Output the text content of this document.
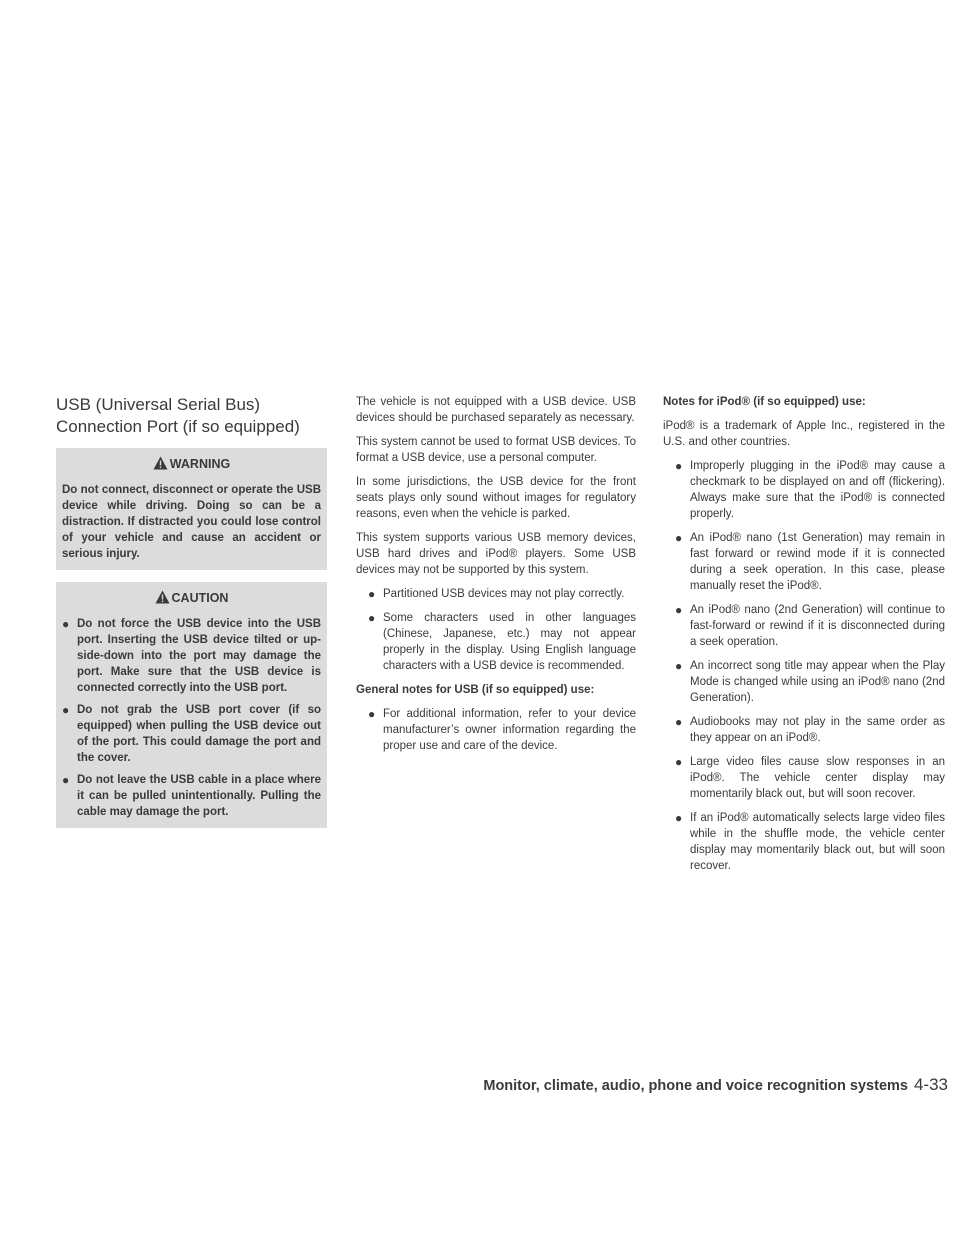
USB (Universal Serial Bus)
Connection Port (if so equipped)
WARNING

Do not connect, disconnect or operate the USB device while driving. Doing so can be a distraction. If distracted you could lose control of your vehicle and cause an accident or serious injury.

CAUTION
● Do not force the USB device into the USB port. Inserting the USB device tilted or up-side-down into the port may damage the port. Make sure that the USB device is connected correctly into the USB port.
● Do not grab the USB port cover (if so equipped) when pulling the USB device out of the port. This could damage the port and the cover.
● Do not leave the USB cable in a place where it can be pulled unintentionally. Pulling the cable may damage the port.

The vehicle is not equipped with a USB device. USB devices should be purchased separately as necessary.

This system cannot be used to format USB devices. To format a USB device, use a personal computer.

In some jurisdictions, the USB device for the front seats plays only sound without images for regulatory reasons, even when the vehicle is parked.

This system supports various USB memory devices, USB hard drives and iPod® players. Some USB devices may not be supported by this system.

● Partitioned USB devices may not play correctly.
● Some characters used in other languages (Chinese, Japanese, etc.) may not appear properly in the display. Using English language characters with a USB device is recommended.

General notes for USB (if so equipped) use:

● For additional information, refer to your device manufacturer’s owner information regarding the proper use and care of the device.

Notes for iPod® (if so equipped) use:

iPod® is a trademark of Apple Inc., registered in the U.S. and other countries.

● Improperly plugging in the iPod® may cause a checkmark to be displayed on and off (flickering). Always make sure that the iPod® is connected properly.
● An iPod® nano (1st Generation) may remain in fast forward or rewind mode if it is connected during a seek operation. In this case, please manually reset the iPod®.
● An iPod® nano (2nd Generation) will continue to fast-forward or rewind if it is disconnected during a seek operation.
● An incorrect song title may appear when the Play Mode is changed while using an iPod® nano (2nd Generation).
● Audiobooks may not play in the same order as they appear on an iPod®.
● Large video files cause slow responses in an iPod®. The vehicle center display may momentarily black out, but will soon recover.
● If an iPod® automatically selects large video files while in the shuffle mode, the vehicle center display may momentarily black out, but will soon recover.
Monitor, climate, audio, phone and voice recognition systems 4-33
